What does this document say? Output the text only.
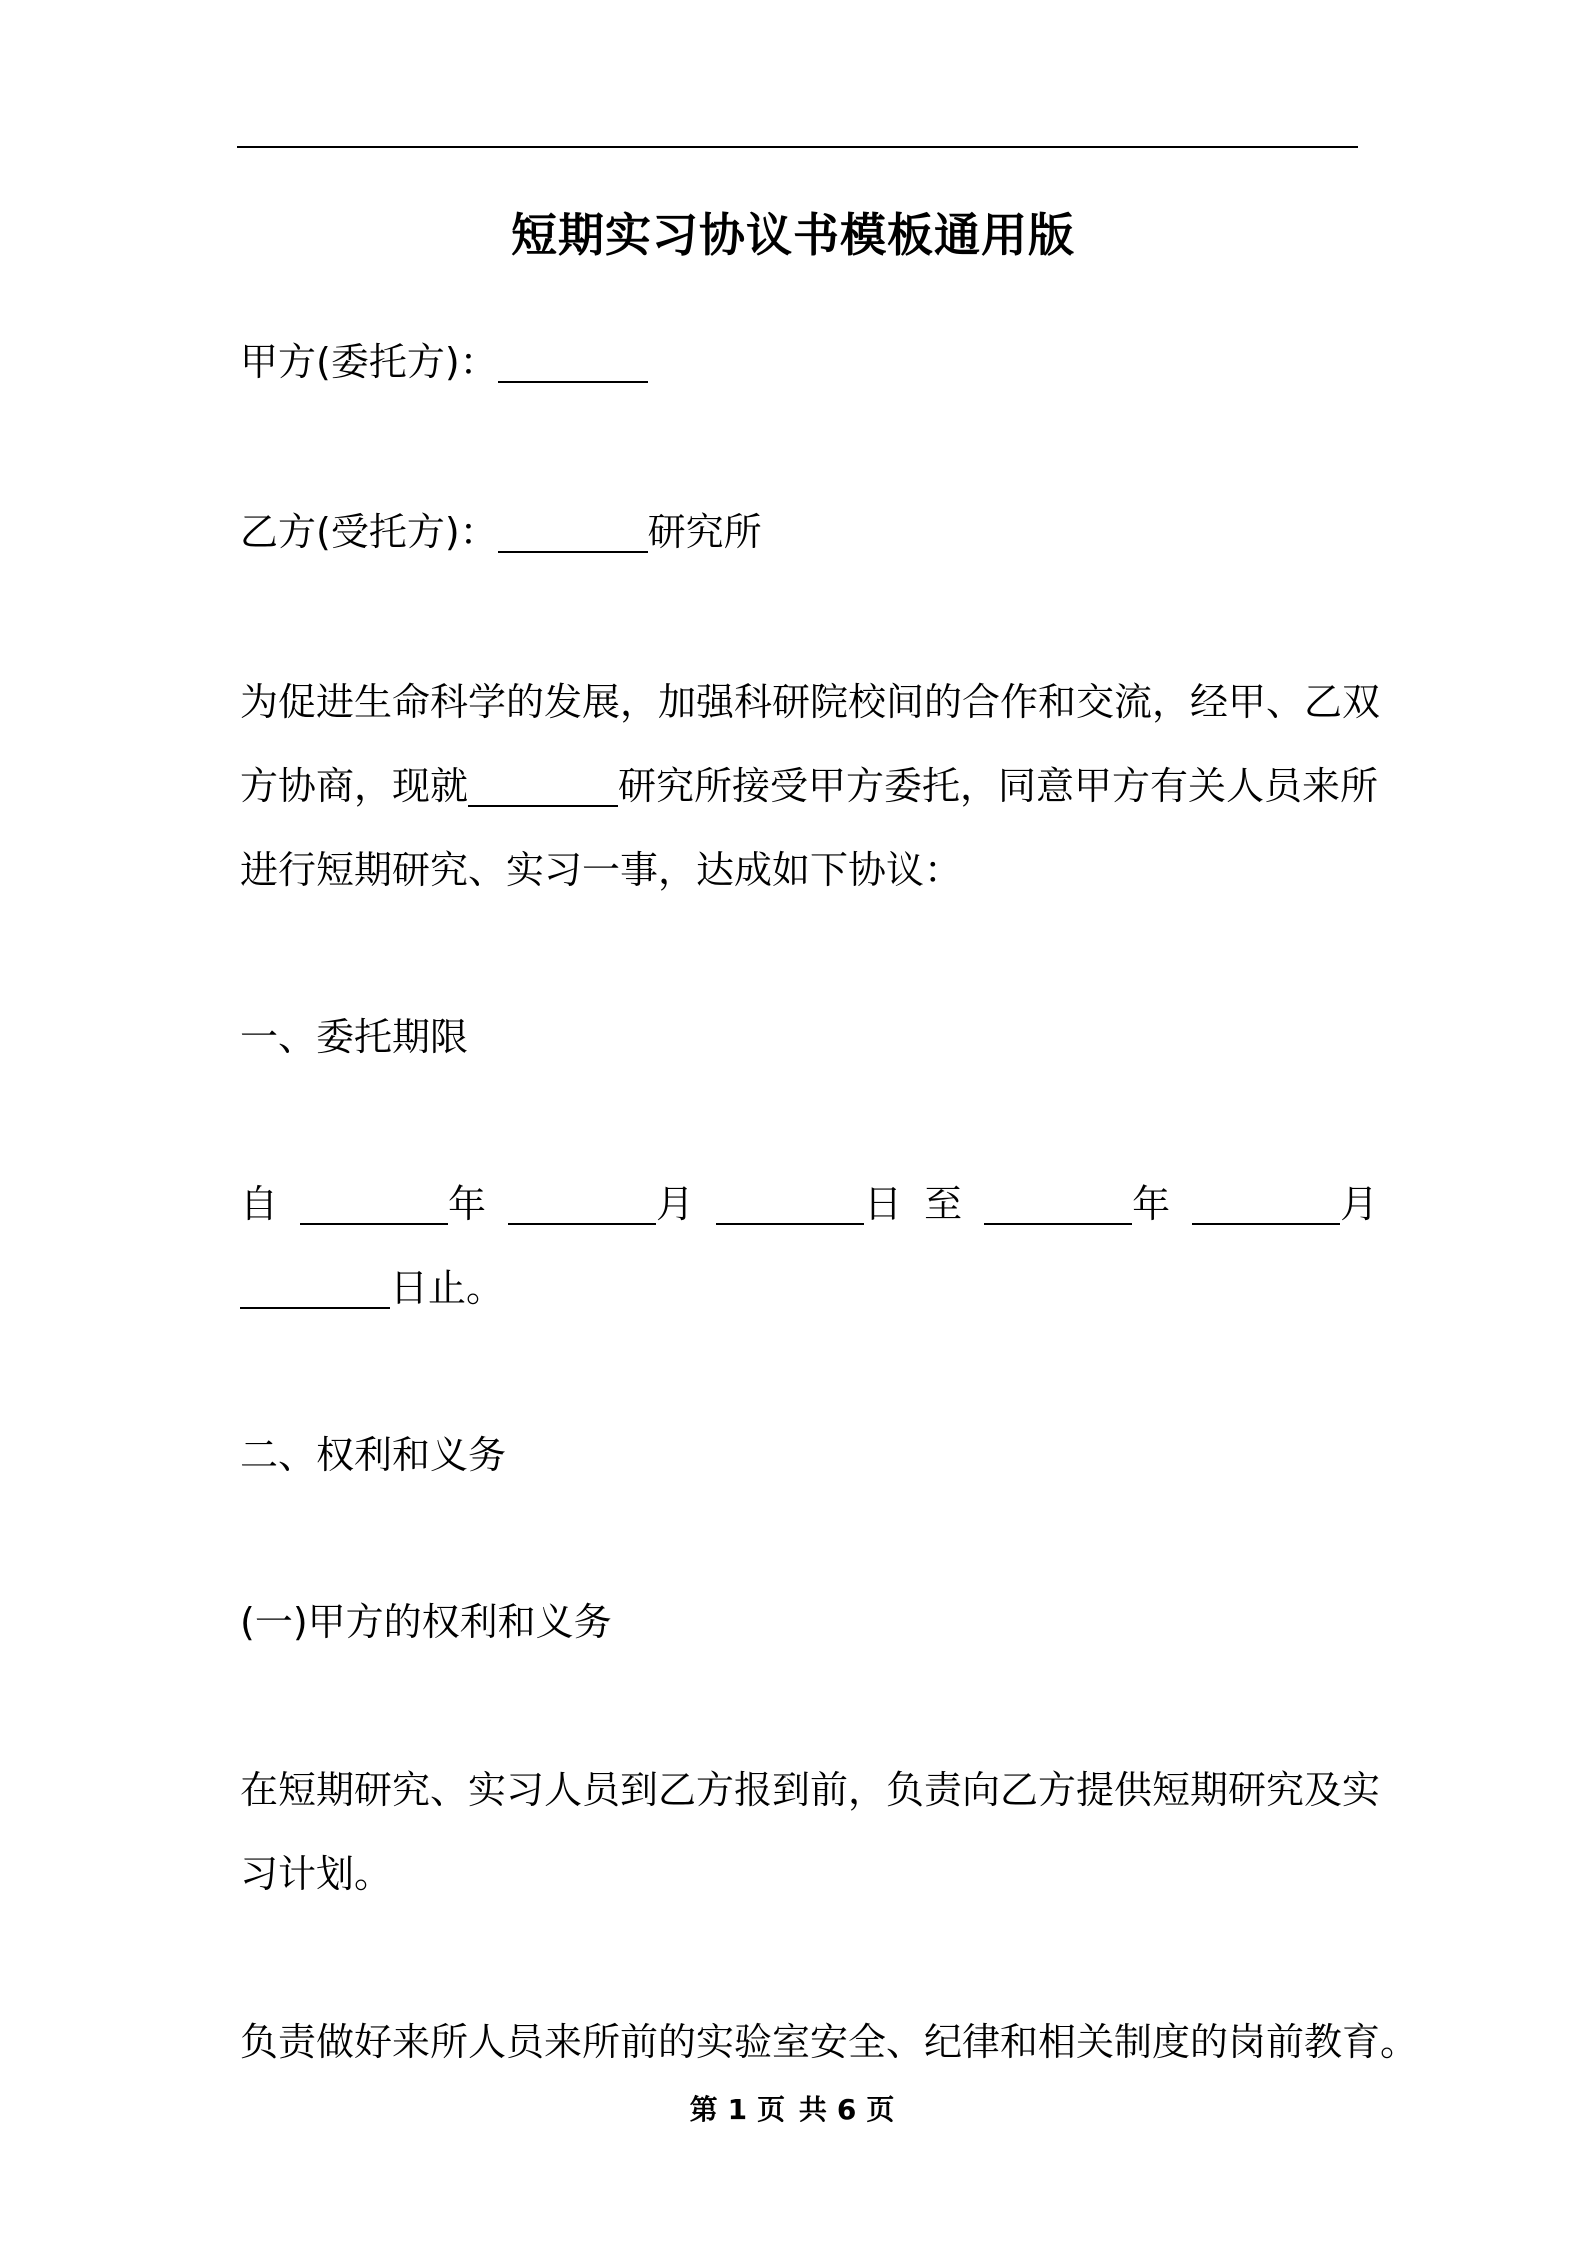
短期实习协议书模板通用版
甲方(委托方)：
乙方(受托方)：	研究所
为促进生命科学的发展，加强科研院校间的合作和交流，经甲、乙双
方协商，现就	研究所接受甲方委托，同意甲方有关人员来所
进行短期研究、实习一事，达成如下协议：
一、委托期限
自	年	月	日 至	年	月
日止。
二、权利和义务
(一)甲方的权利和义务
在短期研究、实习人员到乙方报到前，负责向乙方提供短期研究及实
习计划。
负责做好来所人员来所前的实验室安全、纪律和相关制度的岗前教育。
第 1 页 共 6 页
